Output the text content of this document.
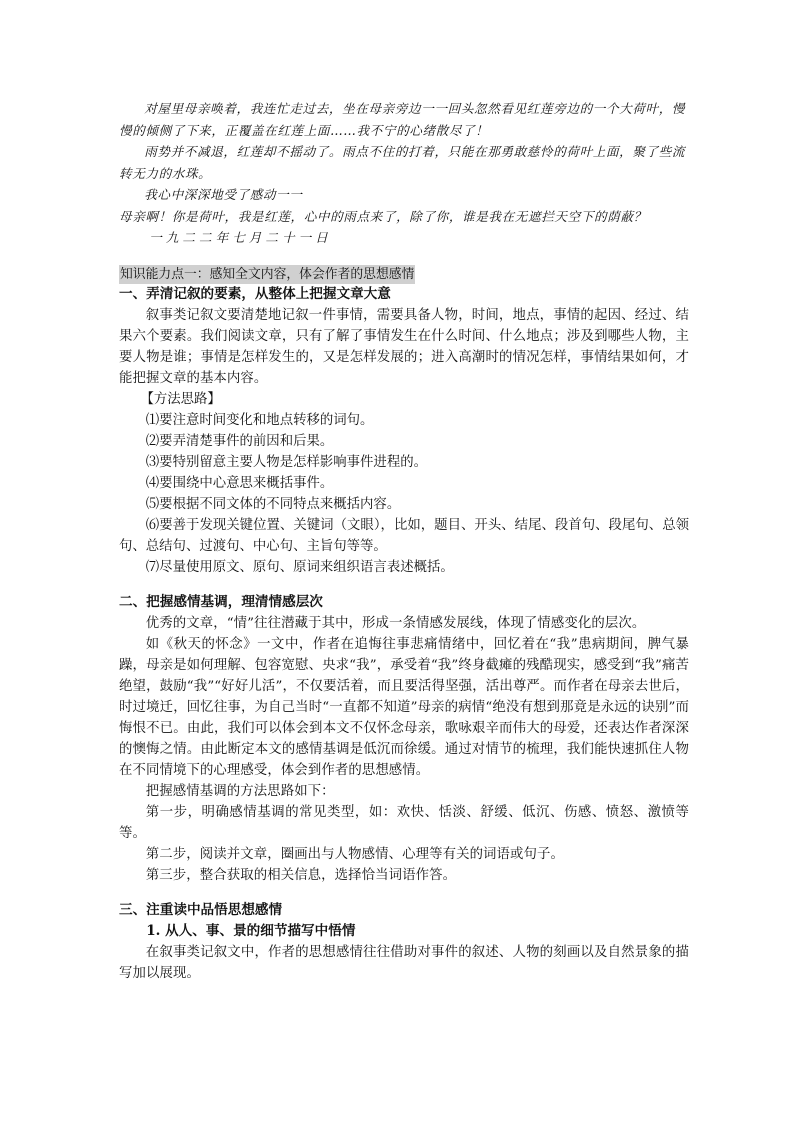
对屋里母亲唤着，我连忙走过去，坐在母亲旁边一一回头忽然看见红莲旁边的一个大荷叶，慢慢的倾侧了下来，正覆盖在红莲上面……我不宁的心绪散尽了！

雨势并不减退，红莲却不摇动了。雨点不住的打着，只能在那勇敢慈怜的荷叶上面，聚了些流转无力的水珠。

我心中深深地受了感动一一

母亲啊！你是荷叶，我是红莲，心中的雨点来了，除了你，谁是我在无遮拦天空下的荫蔽？

一九二二年七月二十一日

知识能力点一：感知全文内容，体会作者的思想感情

一、弄清记叙的要素，从整体上把握文章大意

叙事类记叙文要清楚地记叙一件事情，需要具备人物，时间，地点，事情的起因、经过、结果六个要素。我们阅读文章，只有了解了事情发生在什么时间、什么地点；涉及到哪些人物，主要人物是谁；事情是怎样发生的，又是怎样发展的；进入高潮时的情况怎样，事情结果如何，才能把握文章的基本内容。

【方法思路】

⑴要注意时间变化和地点转移的词句。

⑵要弄清楚事件的前因和后果。

⑶要特别留意主要人物是怎样影响事件进程的。

⑷要围绕中心意思来概括事件。

⑸要根据不同文体的不同特点来概括内容。

⑹要善于发现关键位置、关键词（文眼），比如，题目、开头、结尾、段首句、段尾句、总领句、总结句、过渡句、中心句、主旨句等等。

⑺尽量使用原文、原句、原词来组织语言表述概括。

二、把握感情基调，理清情感层次

优秀的文章，“情”往往潜藏于其中，形成一条情感发展线，体现了情感变化的层次。

如《秋天的怀念》一文中，作者在追悔往事悲痛情绪中，回忆着在“我”患病期间，脾气暴躁，母亲是如何理解、包容宽慰、央求“我”，承受着“我”终身截瘫的残酷现实，感受到“我”痛苦绝望，鼓励“我”“好好儿活”，不仅要活着，而且要活得坚强，活出尊严。而作者在母亲去世后，时过境迁，回忆往事，为自己当时“一直都不知道”母亲的病情“绝没有想到那竟是永远的诀别”而悔恨不已。由此，我们可以体会到本文不仅怀念母亲，歌咏艰辛而伟大的母爱，还表达作者深深的懊悔之情。由此断定本文的感情基调是低沉而徐缓。通过对情节的梳理，我们能快速抓住人物在不同情境下的心理感受，体会到作者的思想感情。

把握感情基调的方法思路如下：

第一步，明确感情基调的常见类型，如：欢快、恬淡、舒缓、低沉、伤感、愤怒、激愤等等。

第二步，阅读并文章，圈画出与人物感情、心理等有关的词语或句子。

第三步，整合获取的相关信息，选择恰当词语作答。

三、注重读中品悟思想感情

1. 从人、事、景的细节描写中悟情

在叙事类记叙文中，作者的思想感情往往借助对事件的叙述、人物的刻画以及自然景象的描写加以展现。
